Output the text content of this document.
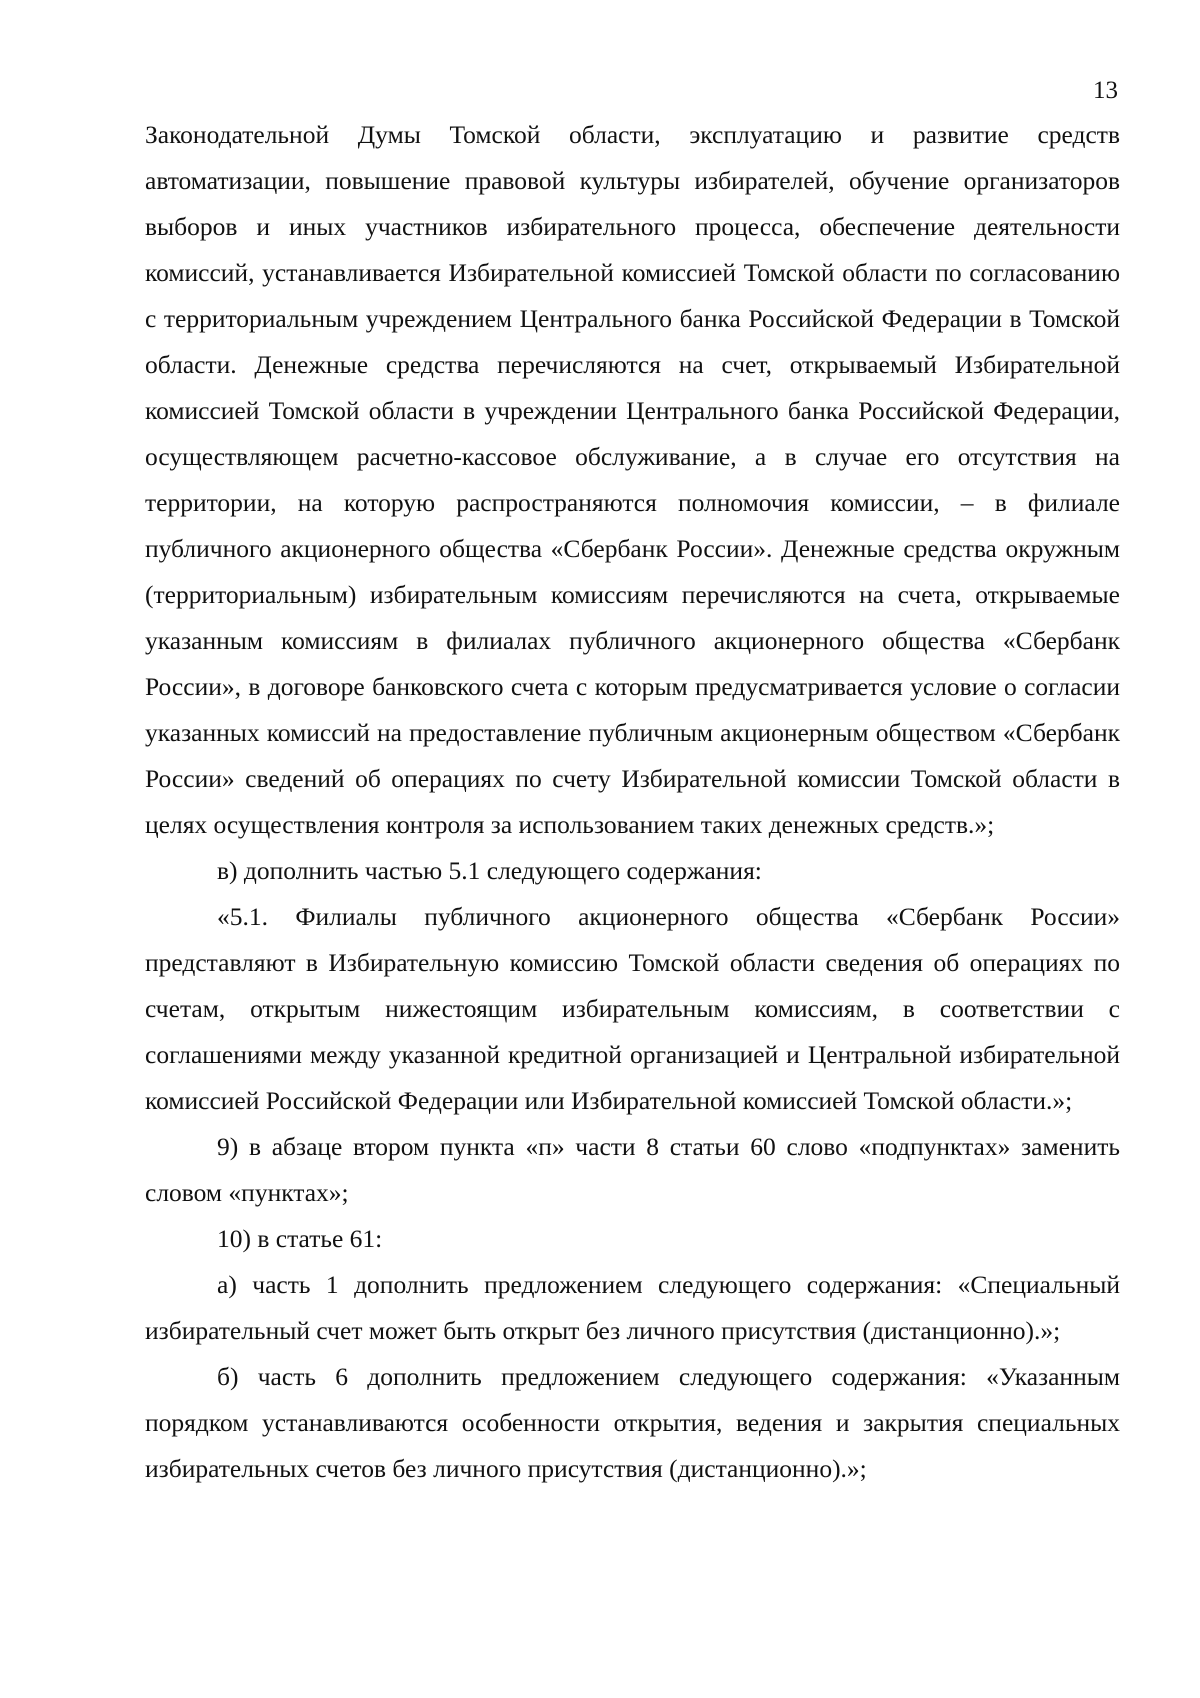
13

Законодательной Думы Томской области, эксплуатацию и развитие средств автоматизации, повышение правовой культуры избирателей, обучение организаторов выборов и иных участников избирательного процесса, обеспечение деятельности комиссий, устанавливается Избирательной комиссией Томской области по согласованию с территориальным учреждением Центрального банка Российской Федерации в Томской области. Денежные средства перечисляются на счет, открываемый Избирательной комиссией Томской области в учреждении Центрального банка Российской Федерации, осуществляющем расчетно-кассовое обслуживание, а в случае его отсутствия на территории, на которую распространяются полномочия комиссии, – в филиале публичного акционерного общества «Сбербанк России». Денежные средства окружным (территориальным) избирательным комиссиям перечисляются на счета, открываемые указанным комиссиям в филиалах публичного акционерного общества «Сбербанк России», в договоре банковского счета с которым предусматривается условие о согласии указанных комиссий на предоставление публичным акционерным обществом «Сбербанк России» сведений об операциях по счету Избирательной комиссии Томской области в целях осуществления контроля за использованием таких денежных средств.»;

в) дополнить частью 5.1 следующего содержания:

«5.1. Филиалы публичного акционерного общества «Сбербанк России» представляют в Избирательную комиссию Томской области сведения об операциях по счетам, открытым нижестоящим избирательным комиссиям, в соответствии с соглашениями между указанной кредитной организацией и Центральной избирательной комиссией Российской Федерации или Избирательной комиссией Томской области.»;

9) в абзаце втором пункта «п» части 8 статьи 60 слово «подпунктах» заменить словом «пунктах»;

10) в статье 61:

а) часть 1 дополнить предложением следующего содержания: «Специальный избирательный счет может быть открыт без личного присутствия (дистанционно).»;

б) часть 6 дополнить предложением следующего содержания: «Указанным порядком устанавливаются особенности открытия, ведения и закрытия специальных избирательных счетов без личного присутствия (дистанционно).»;
